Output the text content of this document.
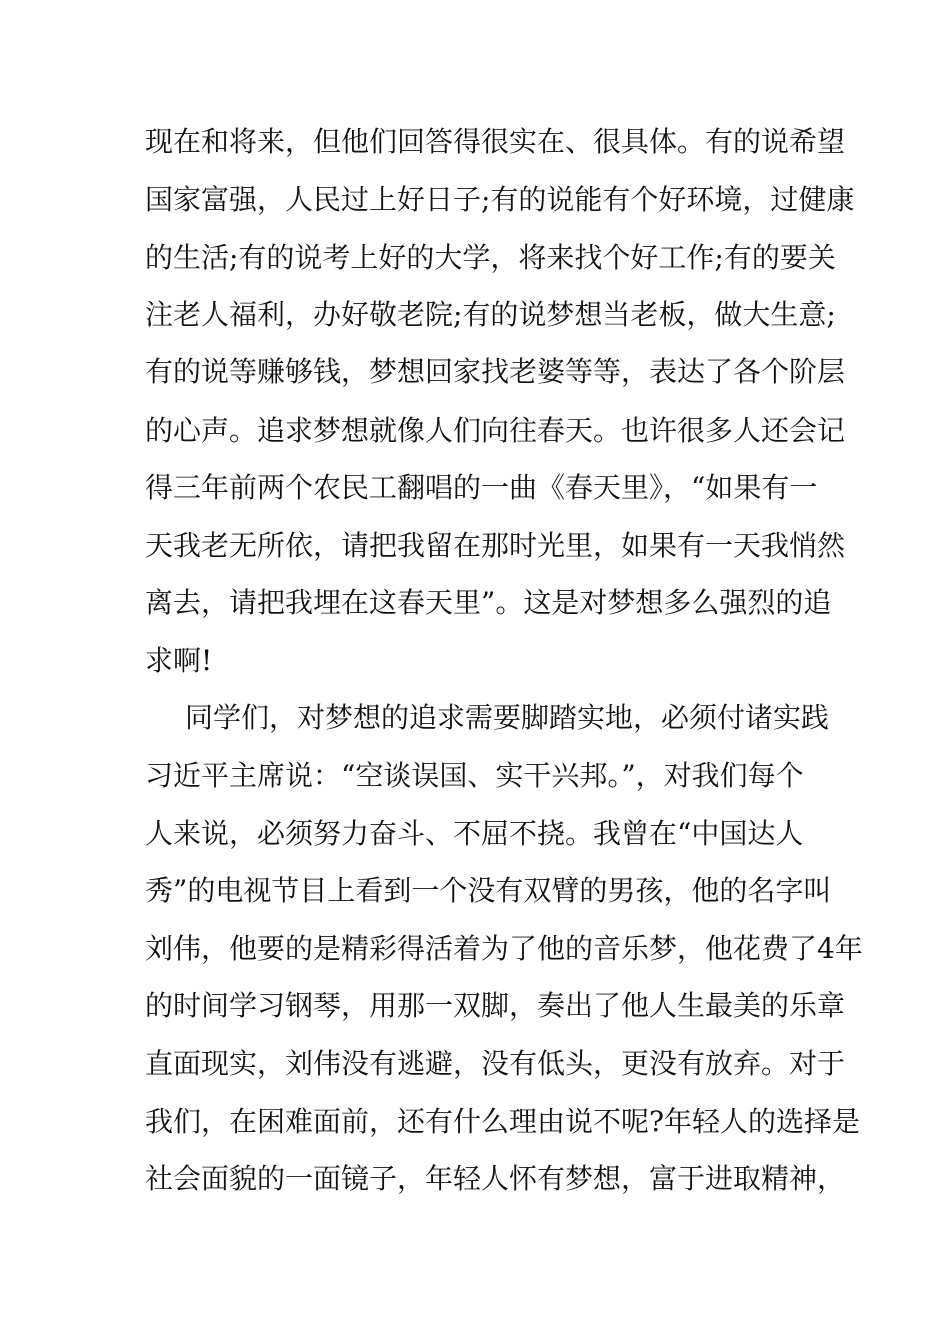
现在和将来，但他们回答得很实在、很具体。有的说希望
国家富强，人民过上好日子;有的说能有个好环境，过健康
的生活;有的说考上好的大学，将来找个好工作;有的要关
注老人福利，办好敬老院;有的说梦想当老板，做大生意;
有的说等赚够钱，梦想回家找老婆等等，表达了各个阶层
的心声。追求梦想就像人们向往春天。也许很多人还会记
得三年前两个农民工翻唱的一曲《春天里》，“如果有一
天我老无所依，请把我留在那时光里，如果有一天我悄然
离去，请把我埋在这春天里”。这是对梦想多么强烈的追
求啊!
同学们，对梦想的追求需要脚踏实地，必须付诸实践
习近平主席说：“空谈误国、实干兴邦。”，对我们每个
人来说，必须努力奋斗、不屈不挠。我曾在“中国达人
秀”的电视节目上看到一个没有双臂的男孩，他的名字叫
刘伟，他要的是精彩得活着为了他的音乐梦，他花费了4年
的时间学习钢琴，用那一双脚，奏出了他人生最美的乐章
直面现实，刘伟没有逃避，没有低头，更没有放弃。对于
我们，在困难面前，还有什么理由说不呢?年轻人的选择是
社会面貌的一面镜子，年轻人怀有梦想，富于进取精神，
